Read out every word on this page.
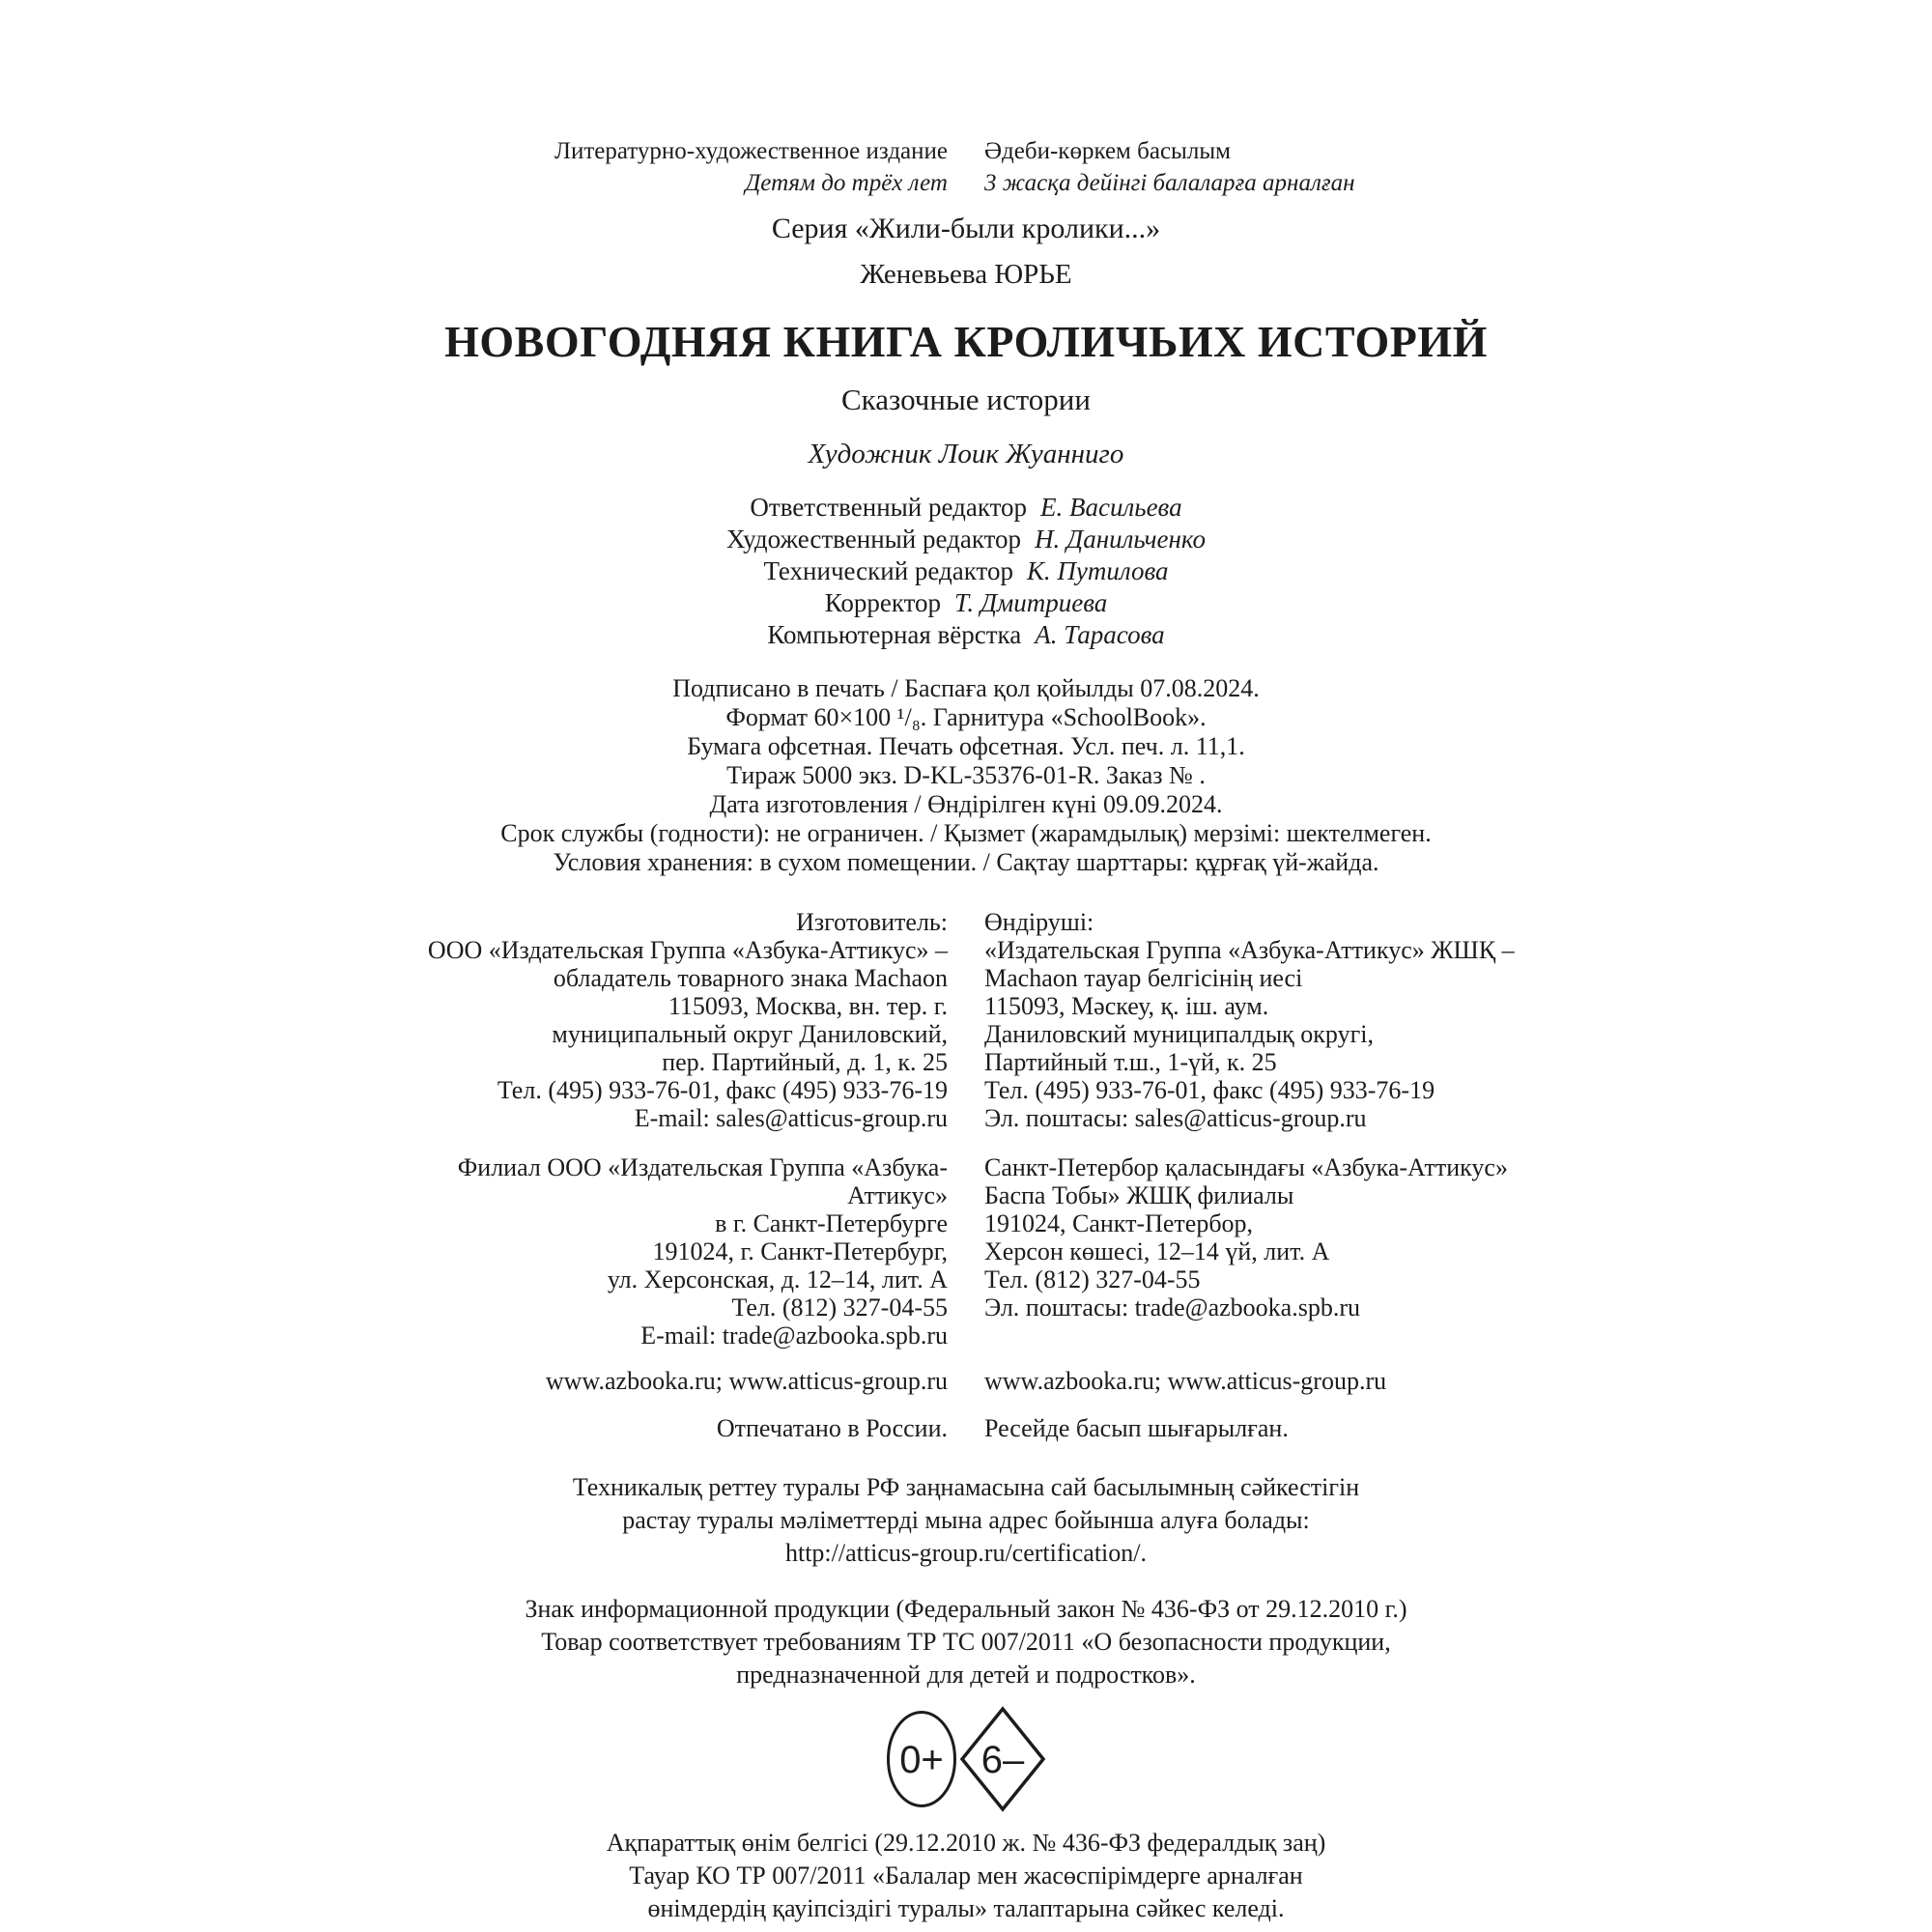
Литературно-художественное издание Әдеби-көркем басылым
Детям до трёх лет 3 жасқа дейінгі балаларға арналған
Серия «Жили-были кролики...»
Женевьева ЮРЬЕ
НОВОГОДНЯЯ КНИГА КРОЛИЧЬИХ ИСТОРИЙ
Сказочные истории
Художник Лоик Жуанниго
Ответственный редактор Е. Васильева
Художественный редактор Н. Данильченко
Технический редактор К. Путилова
Корректор Т. Дмитриева
Компьютерная вёрстка А. Тарасова
Подписано в печать / Баспаға қол қойылды 07.08.2024.
Формат 60×100 ¹/₈. Гарнитура «SchoolBook».
Бумага офсетная. Печать офсетная. Усл. печ. л. 11,1.
Тираж 5000 экз. D-KL-35376-01-R. Заказ № .
Дата изготовления / Өндірілген күні 09.09.2024.
Срок службы (годности): не ограничен. / Қызмет (жарамдылық) мерзімі: шектелмеген.
Условия хранения: в сухом помещении. / Сақтау шарттары: құрғақ үй-жайда.
Изготовитель:
ООО «Издательская Группа «Азбука-Аттикус» –
обладатель товарного знака Machaon
115093, Москва, вн. тер. г.
муниципальный округ Даниловский,
пер. Партийный, д. 1, к. 25
Тел. (495) 933-76-01, факс (495) 933-76-19
E-mail: sales@atticus-group.ru
Өндіруші:
«Издательская Группа «Азбука-Аттикус» ЖШҚ –
Machaon тауар белгісінің иесі
115093, Мәскеу, қ. іш. аум.
Даниловский муниципалдық округі,
Партийный т.ш., 1-үй, к. 25
Тел. (495) 933-76-01, факс (495) 933-76-19
Эл. поштасы: sales@atticus-group.ru
Филиал ООО «Издательская Группа «Азбука-Аттикус»
в г. Санкт-Петербурге
191024, г. Санкт-Петербург,
ул. Херсонская, д. 12–14, лит. А
Тел. (812) 327-04-55
E-mail: trade@azbooka.spb.ru
Санкт-Петербор қаласындағы «Азбука-Аттикус»
Баспа Тобы» ЖШҚ филиалы
191024, Санкт-Петербор,
Херсон көшесі, 12–14 үй, лит. А
Тел. (812) 327-04-55
Эл. поштасы: trade@azbooka.spb.ru
www.azbooka.ru; www.atticus-group.ru www.azbooka.ru; www.atticus-group.ru
Отпечатано в России. Ресейде басып шығарылған.
Техникалық реттеу туралы РФ заңнамасына сай басылымның сәйкестігін
растау туралы мәліметтерді мына адрес бойынша алуға болады:
http://atticus-group.ru/certification/.
Знак информационной продукции (Федеральный закон № 436-ФЗ от 29.12.2010 г.)
Товар соответствует требованиям ТР ТС 007/2011 «О безопасности продукции,
предназначенной для детей и подростков».
0+ 6–
Ақпараттық өнім белгісі (29.12.2010 ж. № 436-ФЗ федералдық заң)
Тауар КО ТР 007/2011 «Балалар мен жасөспірімдерге арналған
өнімдердің қауіпсіздігі туралы» талаптарына сәйкес келеді.
